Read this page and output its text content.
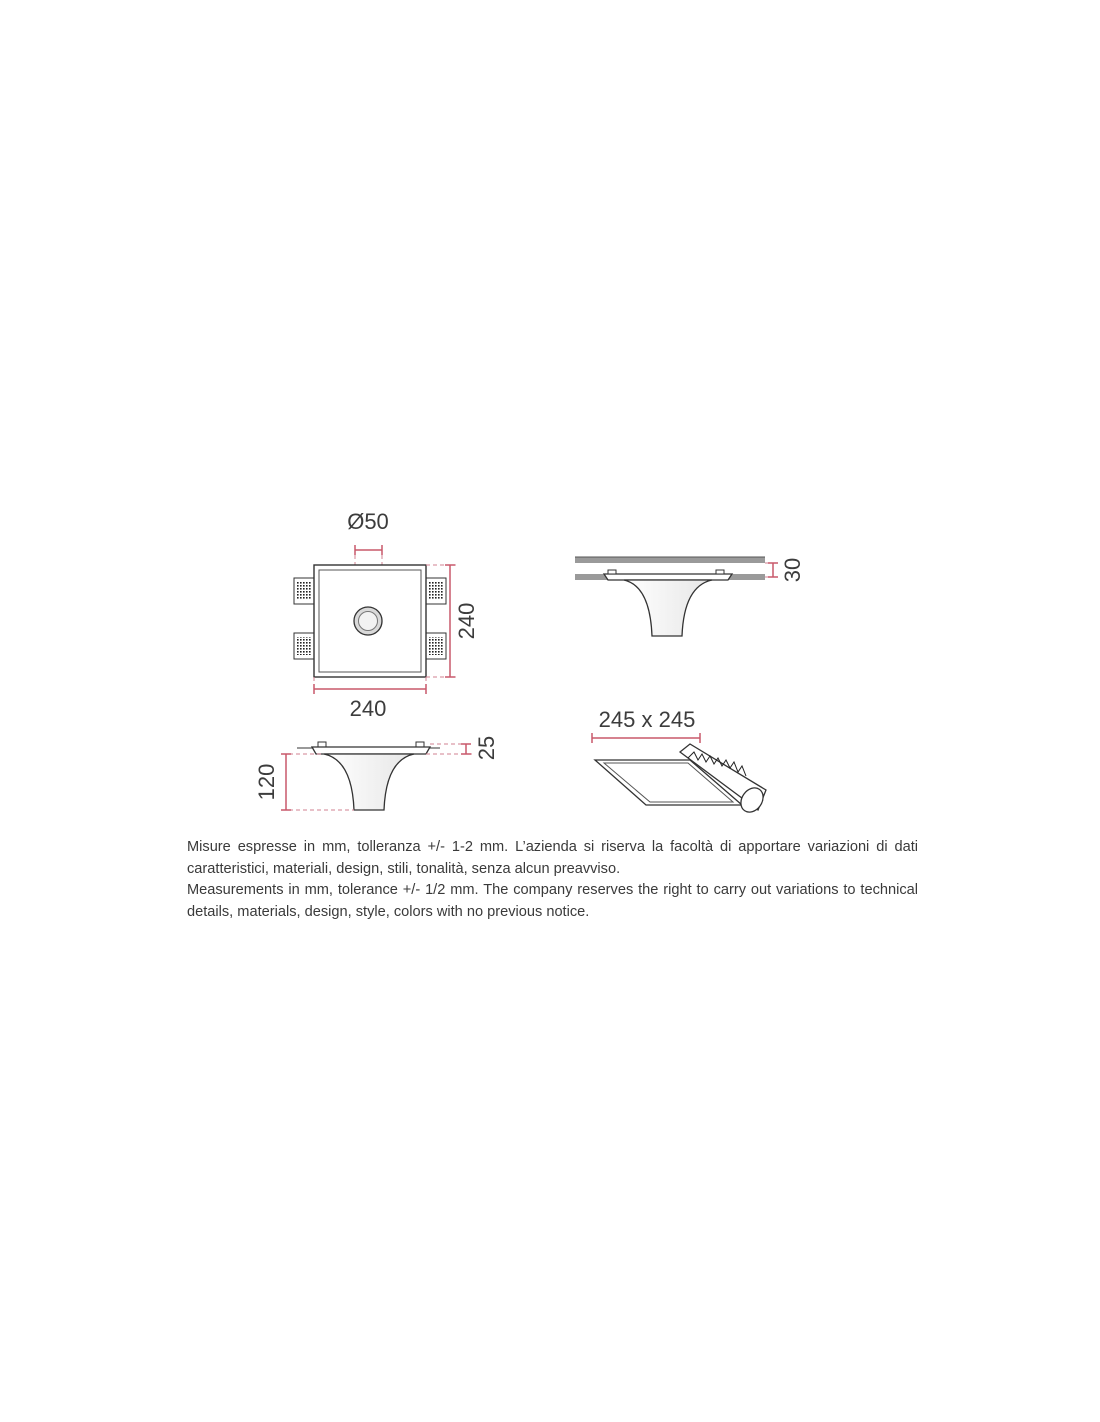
Ø50
240
240
30
25
120
245 x 245

Misure espresse in mm, tolleranza +/- 1-2 mm. L’azienda si riserva la facoltà di apportare variazioni di dati caratteristici, materiali, design, stili, tonalità, senza alcun preavviso.

Measurements in mm, tolerance +/- 1/2 mm. The company reserves the right to carry out variations to technical details, materials, design, style, colors with no previous notice.
